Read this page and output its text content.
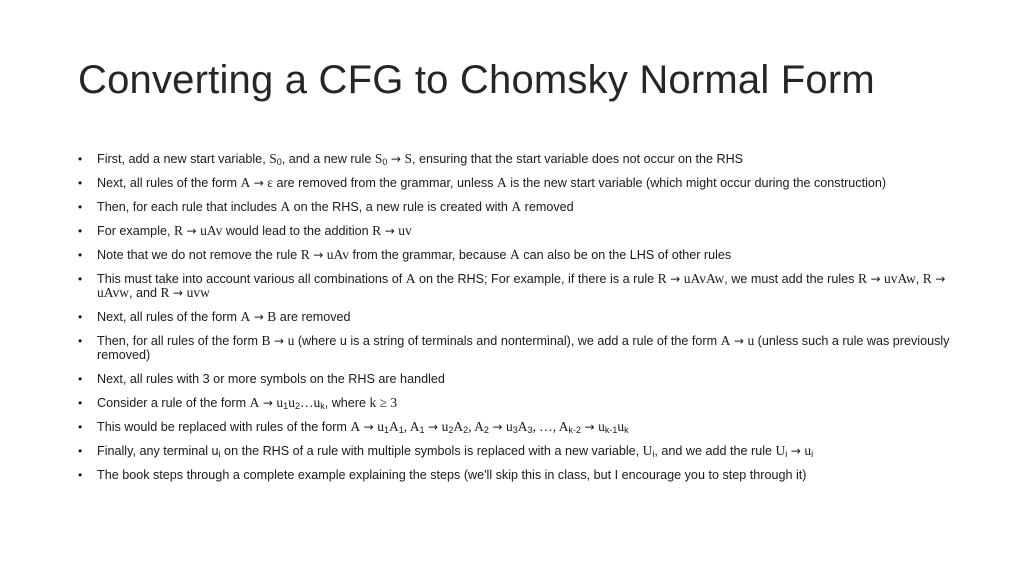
Converting a CFG to Chomsky Normal Form
• First, add a new start variable, $S_0$, and a new rule $S_0 \to S$, ensuring that the start variable does not occur on the RHS
• Next, all rules of the form A → ε are removed from the grammar, unless A is the new start variable (which might occur during the construction)
• Then, for each rule that includes A on the RHS, a new rule is created with A removed
• For example, R → uAv would lead to the addition R → uv
• Note that we do not remove the rule R → uAv from the grammar, because A can also be on the LHS of other rules
• This must take into account various all combinations of A on the RHS; For example, if there is a rule R → uAvAw, we must add the rules R → uvAw, R → uAvw, and R → uvw
• Next, all rules of the form A → B are removed
• Then, for all rules of the form B → u (where u is a string of terminals and nonterminal), we add a rule of the form A → u (unless such a rule was previously removed)
• Next, all rules with 3 or more symbols on the RHS are handled
• Consider a rule of the form $A \to u_1u_2\dots u_k$, where k ≥ 3
• This would be replaced with rules of the form $A \to u_1A_1$, $A_1 \to u_2A_2$, $A_2 \to u_3A_3$, …, $A_{k-2} \to u_{k-1}u_k$
• Finally, any terminal $u_i$ on the RHS of a rule with multiple symbols is replaced with a new variable, $U_i$, and we add the rule $U_i \to u_i$
• The book steps through a complete example explaining the steps (we'll skip this in class, but I encourage you to step through it)
